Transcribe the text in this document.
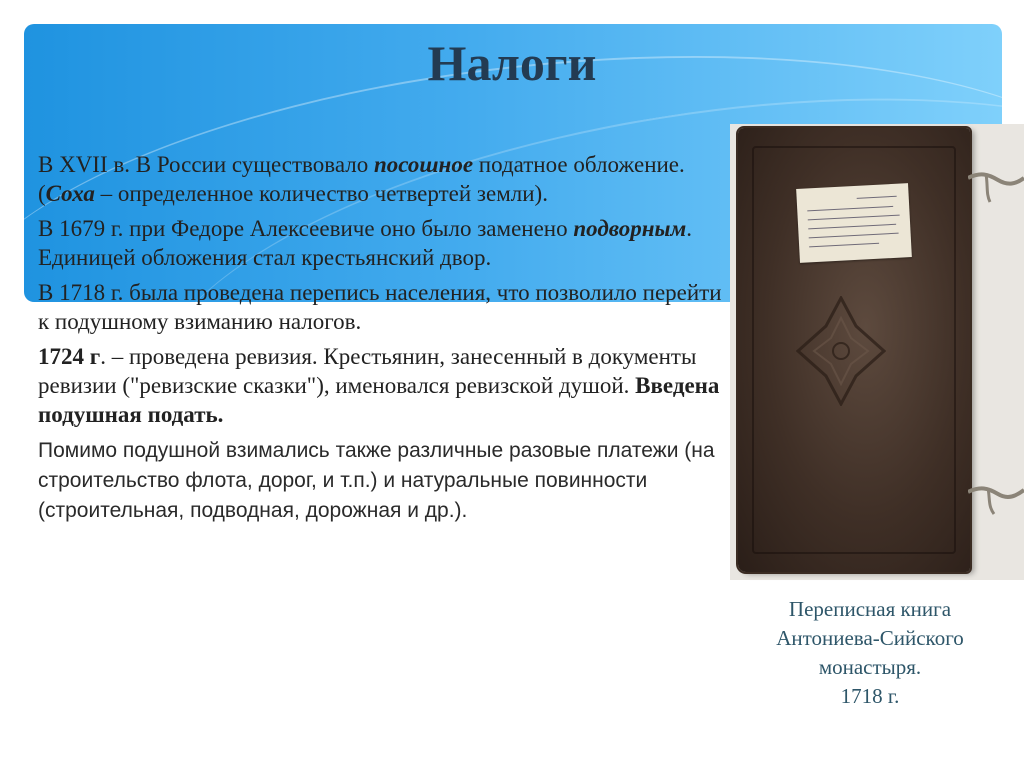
Налоги

В XVII в. В России существовало посошное податное обложение. (Соха – определенное количество четвертей земли).

В 1679 г. при Федоре Алексеевиче оно было заменено подворным. Единицей обложения стал крестьянский двор.

В 1718 г. была проведена перепись населения, что позволило перейти к подушному взиманию налогов.

1724 г. – проведена ревизия. Крестьянин, занесенный в документы ревизии ("ревизские сказки"), именовался ревизской душой. Введена подушная подать.

Помимо подушной взимались также различные разовые платежи (на строительство флота, дорог, и т.п.) и натуральные повинности (строительная, подводная, дорожная и др.).

Переписная книга
Антониева-Сийского
монастыря.
1718 г.
